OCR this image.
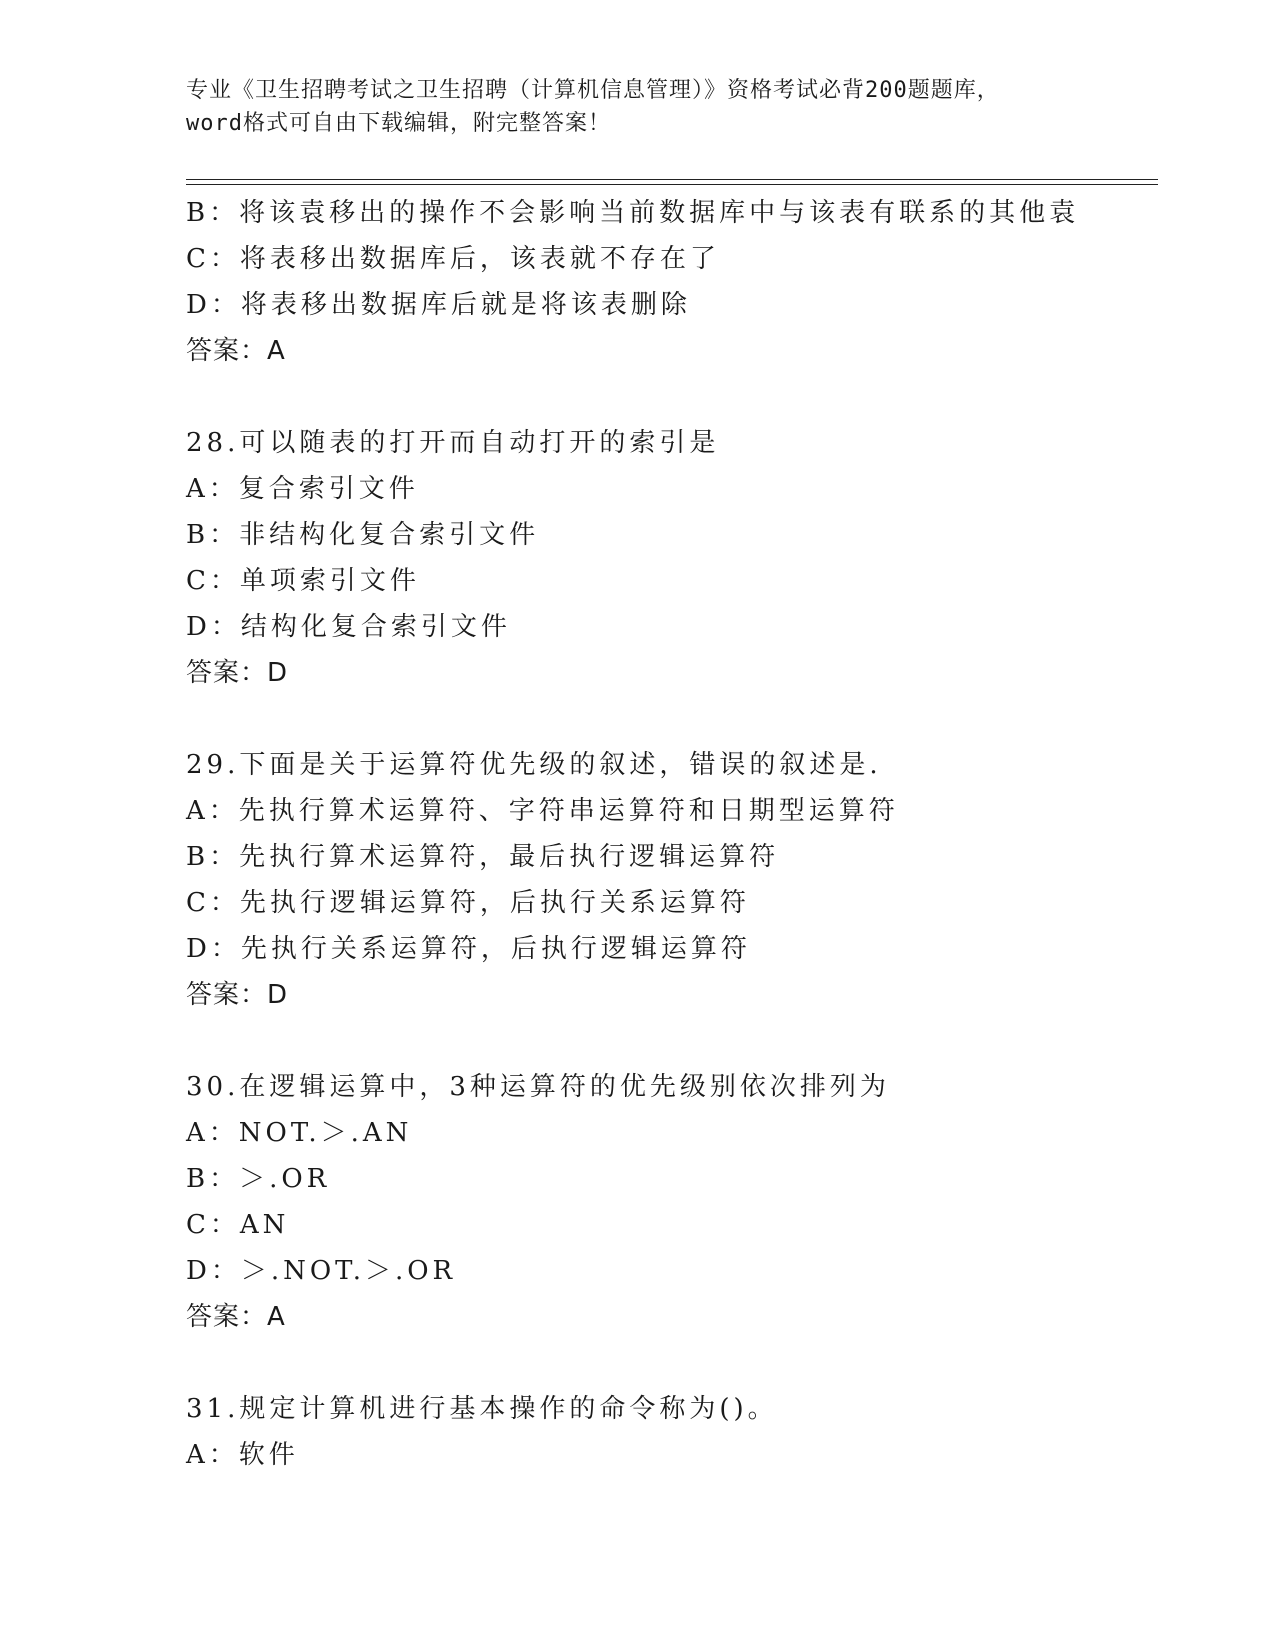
专业《卫生招聘考试之卫生招聘（计算机信息管理）》资格考试必背200题题库，
word格式可自由下载编辑，附完整答案！
B：将该袁移出的操作不会影响当前数据库中与该表有联系的其他袁
C：将表移出数据库后，该表就不存在了
D：将表移出数据库后就是将该表删除
答案：A
28.可以随表的打开而自动打开的索引是
A：复合索引文件
B：非结构化复合索引文件
C：单项索引文件
D：结构化复合索引文件
答案：D
29.下面是关于运算符优先级的叙述，错误的叙述是.
A：先执行算术运算符、字符串运算符和日期型运算符
B：先执行算术运算符，最后执行逻辑运算符
C：先执行逻辑运算符，后执行关系运算符
D：先执行关系运算符，后执行逻辑运算符
答案：D
30.在逻辑运算中，3种运算符的优先级别依次排列为
A：NOT.＞.AN
B：＞.OR
C：AN
D：＞.NOT.＞.OR
答案：A
31.规定计算机进行基本操作的命令称为()。
A：软件
